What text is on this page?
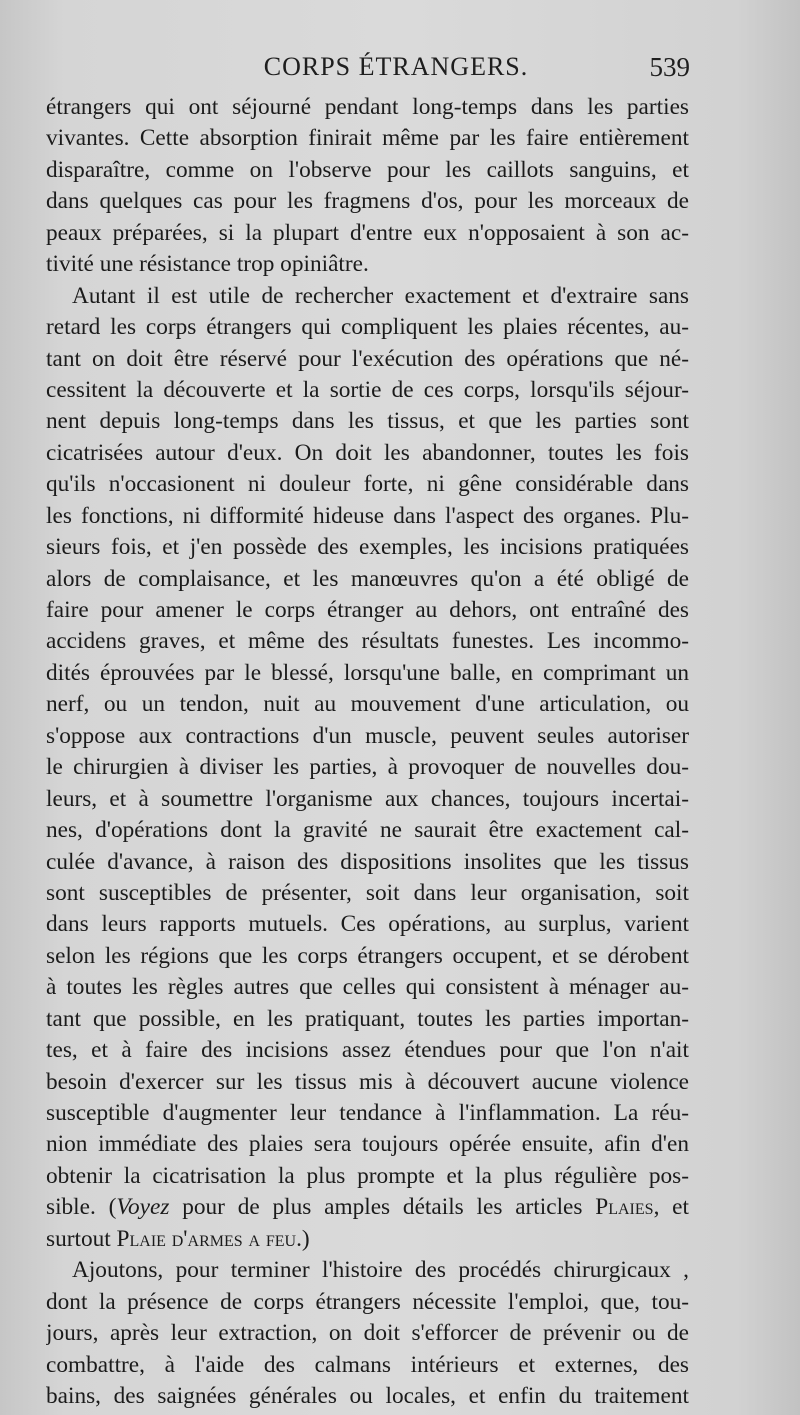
CORPS ÉTRANGERS.	539
étrangers qui ont séjourné pendant long-temps dans les parties
vivantes. Cette absorption finirait même par les faire entièrement
disparaître, comme on l'observe pour les caillots sanguins, et
dans quelques cas pour les fragmens d'os, pour les morceaux de
peaux préparées, si la plupart d'entre eux n'opposaient à son ac-
tivité une résistance trop opiniâtre.
Autant il est utile de rechercher exactement et d'extraire sans
retard les corps étrangers qui compliquent les plaies récentes, au-
tant on doit être réservé pour l'exécution des opérations que né-
cessitent la découverte et la sortie de ces corps, lorsqu'ils séjour-
nent depuis long-temps dans les tissus, et que les parties sont
cicatrisées autour d'eux. On doit les abandonner, toutes les fois
qu'ils n'occasionent ni douleur forte, ni gêne considérable dans
les fonctions, ni difformité hideuse dans l'aspect des organes. Plu-
sieurs fois, et j'en possède des exemples, les incisions pratiquées
alors de complaisance, et les manœuvres qu'on a été obligé de
faire pour amener le corps étranger au dehors, ont entraîné des
accidens graves, et même des résultats funestes. Les incommo-
dités éprouvées par le blessé, lorsqu'une balle, en comprimant un
nerf, ou un tendon, nuit au mouvement d'une articulation, ou
s'oppose aux contractions d'un muscle, peuvent seules autoriser
le chirurgien à diviser les parties, à provoquer de nouvelles dou-
leurs, et à soumettre l'organisme aux chances, toujours incertai-
nes, d'opérations dont la gravité ne saurait être exactement cal-
culée d'avance, à raison des dispositions insolites que les tissus
sont susceptibles de présenter, soit dans leur organisation, soit
dans leurs rapports mutuels. Ces opérations, au surplus, varient
selon les régions que les corps étrangers occupent, et se dérobent
à toutes les règles autres que celles qui consistent à ménager au-
tant que possible, en les pratiquant, toutes les parties importan-
tes, et à faire des incisions assez étendues pour que l'on n'ait
besoin d'exercer sur les tissus mis à découvert aucune violence
susceptible d'augmenter leur tendance à l'inflammation. La réu-
nion immédiate des plaies sera toujours opérée ensuite, afin d'en
obtenir la cicatrisation la plus prompte et la plus régulière pos-
sible. (Voyez pour de plus amples détails les articles Plaies, et
surtout Plaie d'armes a feu.)
Ajoutons, pour terminer l'histoire des procédés chirurgicaux ,
dont la présence de corps étrangers nécessite l'emploi, que, tou-
jours, après leur extraction, on doit s'efforcer de prévenir ou de
combattre, à l'aide des calmans intérieurs et externes, des
bains, des saignées générales ou locales, et enfin du traitement
